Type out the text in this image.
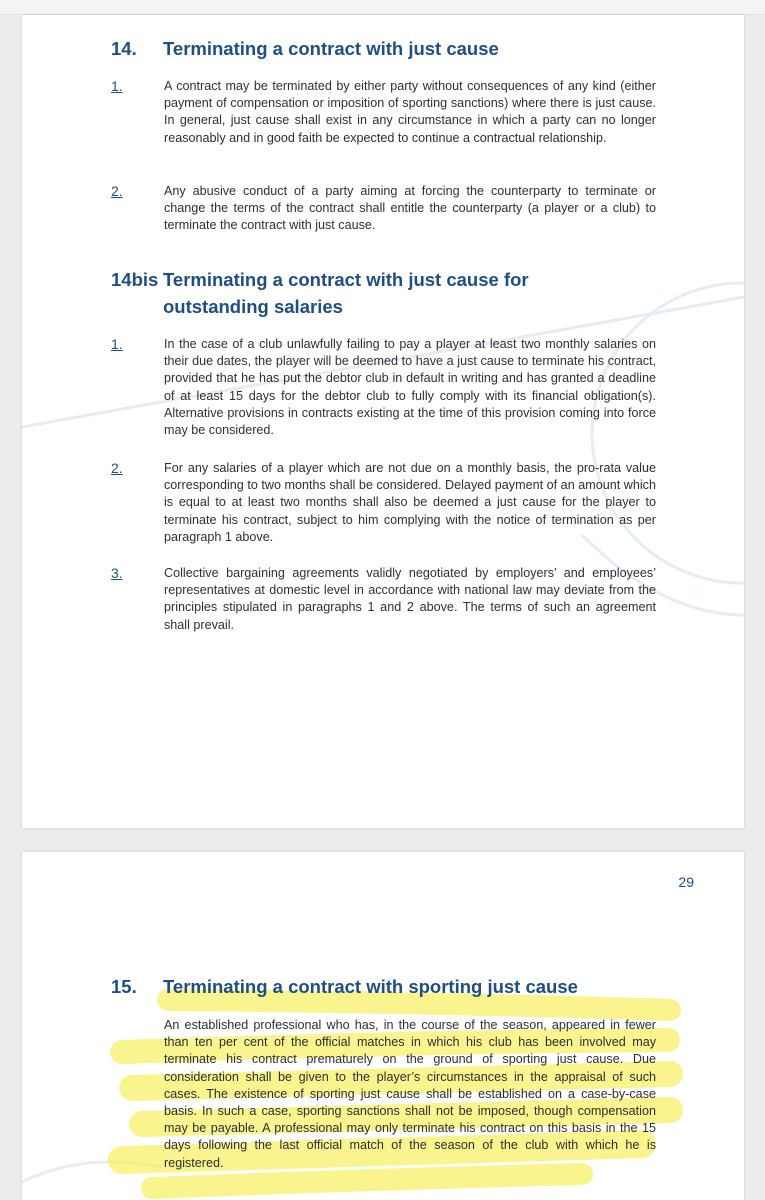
14. Terminating a contract with just cause
1.	A contract may be terminated by either party without consequences of any kind (either payment of compensation or imposition of sporting sanctions) where there is just cause. In general, just cause shall exist in any circumstance in which a party can no longer reasonably and in good faith be expected to continue a contractual relationship.
2.	Any abusive conduct of a party aiming at forcing the counterparty to terminate or change the terms of the contract shall entitle the counterparty (a player or a club) to terminate the contract with just cause.
14bis Terminating a contract with just cause for
outstanding salaries
1.	In the case of a club unlawfully failing to pay a player at least two monthly salaries on their due dates, the player will be deemed to have a just cause to terminate his contract, provided that he has put the debtor club in default in writing and has granted a deadline of at least 15 days for the debtor club to fully comply with its financial obligation(s). Alternative provisions in contracts existing at the time of this provision coming into force may be considered.
2.	For any salaries of a player which are not due on a monthly basis, the pro-rata value corresponding to two months shall be considered. Delayed payment of an amount which is equal to at least two months shall also be deemed a just cause for the player to terminate his contract, subject to him complying with the notice of termination as per paragraph 1 above.
3.	Collective bargaining agreements validly negotiated by employers’ and employees’ representatives at domestic level in accordance with national law may deviate from the principles stipulated in paragraphs 1 and 2 above. The terms of such an agreement shall prevail.
29
15. Terminating a contract with sporting just cause
An established professional who has, in the course of the season, appeared in fewer than ten per cent of the official matches in which his club has been involved may terminate his contract prematurely on the ground of sporting just cause. Due consideration shall be given to the player’s circumstances in the appraisal of such cases. The existence of sporting just cause shall be established on a case-by-case basis. In such a case, sporting sanctions shall not be imposed, though compensation may be payable. A professional may only terminate his contract on this basis in the 15 days following the last official match of the season of the club with which he is registered.
